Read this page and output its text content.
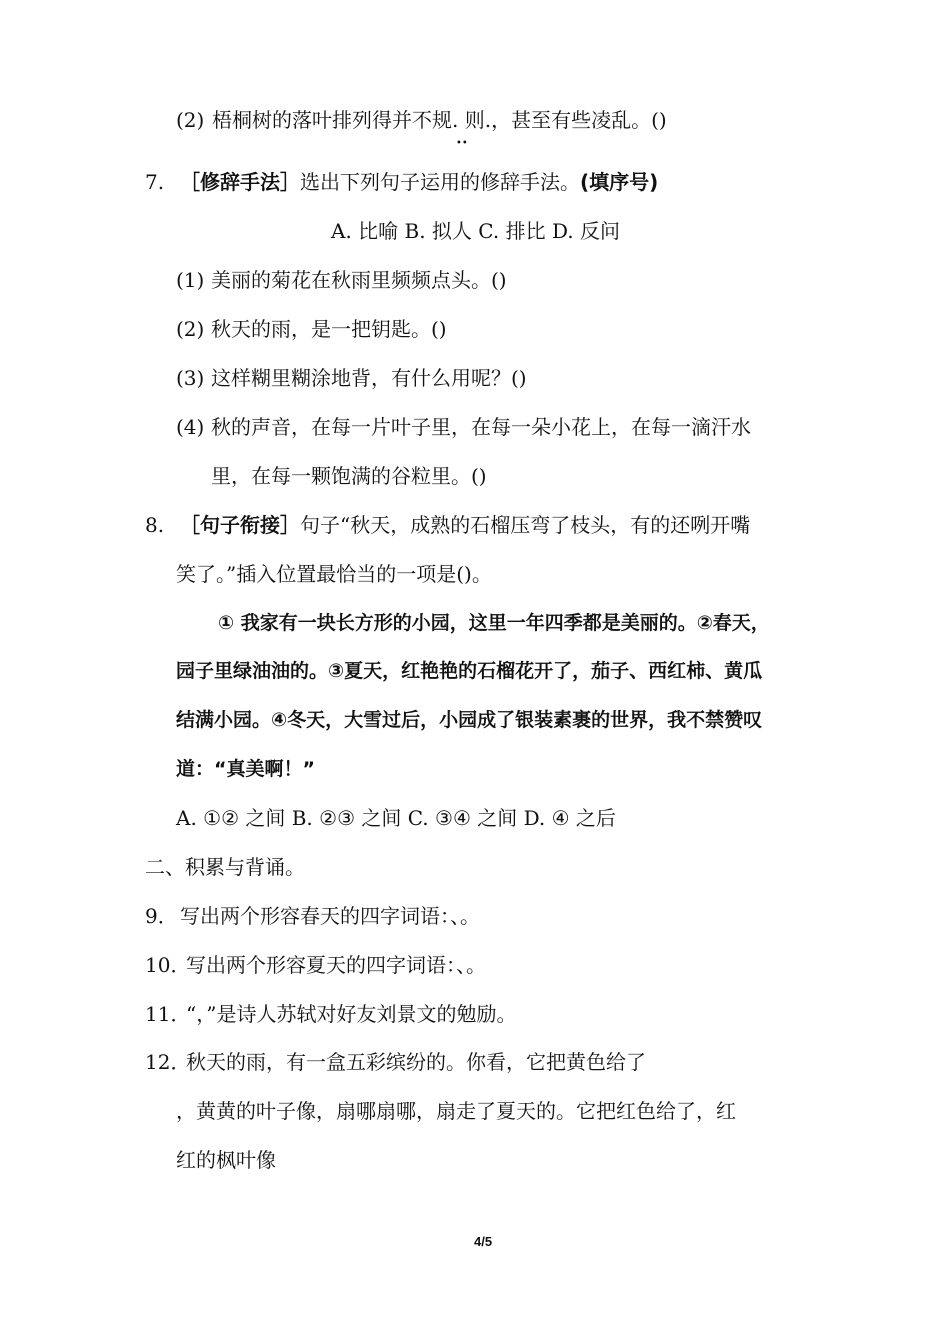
(2) 梧桐树的落叶排列得并不规. 则.，甚至有些凌乱。()
••
7. ［修辞手法］选出下列句子运用的修辞手法。(填序号)
A. 比喻 B. 拟人 C. 排比 D. 反问
(1) 美丽的菊花在秋雨里频频点头。()
(2) 秋天的雨，是一把钥匙。()
(3) 这样糊里糊涂地背，有什么用呢？()
(4) 秋的声音，在每一片叶子里，在每一朵小花上，在每一滴汗水
里，在每一颗饱满的谷粒里。()
8. ［句子衔接］句子“秋天，成熟的石榴压弯了枝头，有的还咧开嘴
笑了。”插入位置最恰当的一项是()。
① 我家有一块长方形的小园，这里一年四季都是美丽的。②春天，
园子里绿油油的。③夏天，红艳艳的石榴花开了，茄子、西红柿、黄瓜
结满小园。④冬天，大雪过后，小园成了银装素裹的世界，我不禁赞叹
道：“真美啊！”
A. ①② 之间 B. ②③ 之间 C. ③④ 之间 D. ④ 之后
二、积累与背诵。
9． 写出两个形容春天的四字词语：、。
10．
写出两个形容夏天的四字词语：、。
11．
“，”是诗人苏轼对好友刘景文的勉励。
12．
秋天的雨，有一盒五彩缤纷的。你看，它把黄色给了
，黄黄的叶子像，扇哪扇哪，扇走了夏天的。它把红色给了，红
红的枫叶像
4/5
